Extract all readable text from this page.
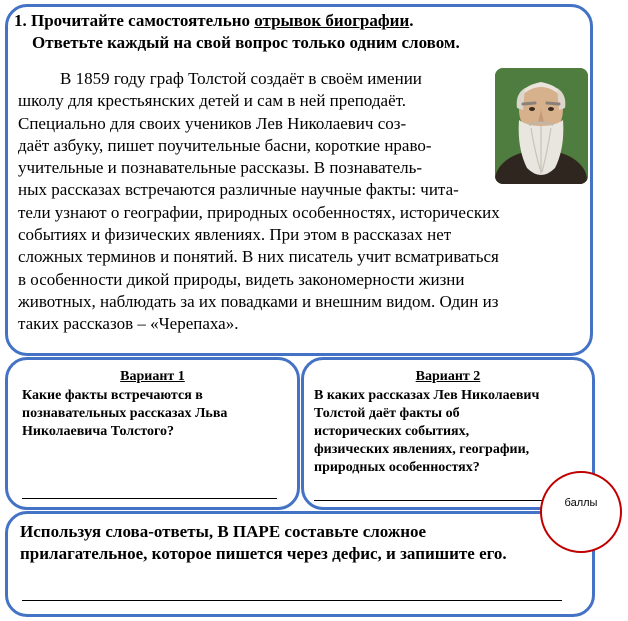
1. Прочитайте самостоятельно отрывок биографии.
Ответьте каждый на свой вопрос только одним словом.
В 1859 году граф Толстой создаёт в своём имении
школу для крестьянских детей и сам в ней преподаёт.
Специально для своих учеников Лев Николаевич соз-
даёт азбуку, пишет поучительные басни, короткие нраво-
учительные и познавательные рассказы. В познаватель-
ных рассказах встречаются различные научные факты: чита-
тели узнают о географии, природных особенностях, исторических
событиях и физических явлениях. При этом в рассказах нет
сложных терминов и понятий. В них писатель учит всматриваться
в особенности дикой природы, видеть закономерности жизни
животных, наблюдать за их повадками и внешним видом. Один из
таких рассказов – «Черепаха».
Вариант 1
Какие факты встречаются в
познавательных рассказах Льва
Николаевича Толстого?
Вариант 2
В каких рассказах Лев Николаевич
Толстой даёт факты об
исторических событиях,
физических явлениях, географии,
природных особенностях?
Используя слова-ответы, В ПАРЕ составьте сложное
прилагательное, которое пишется через дефис, и запишите его.
баллы
